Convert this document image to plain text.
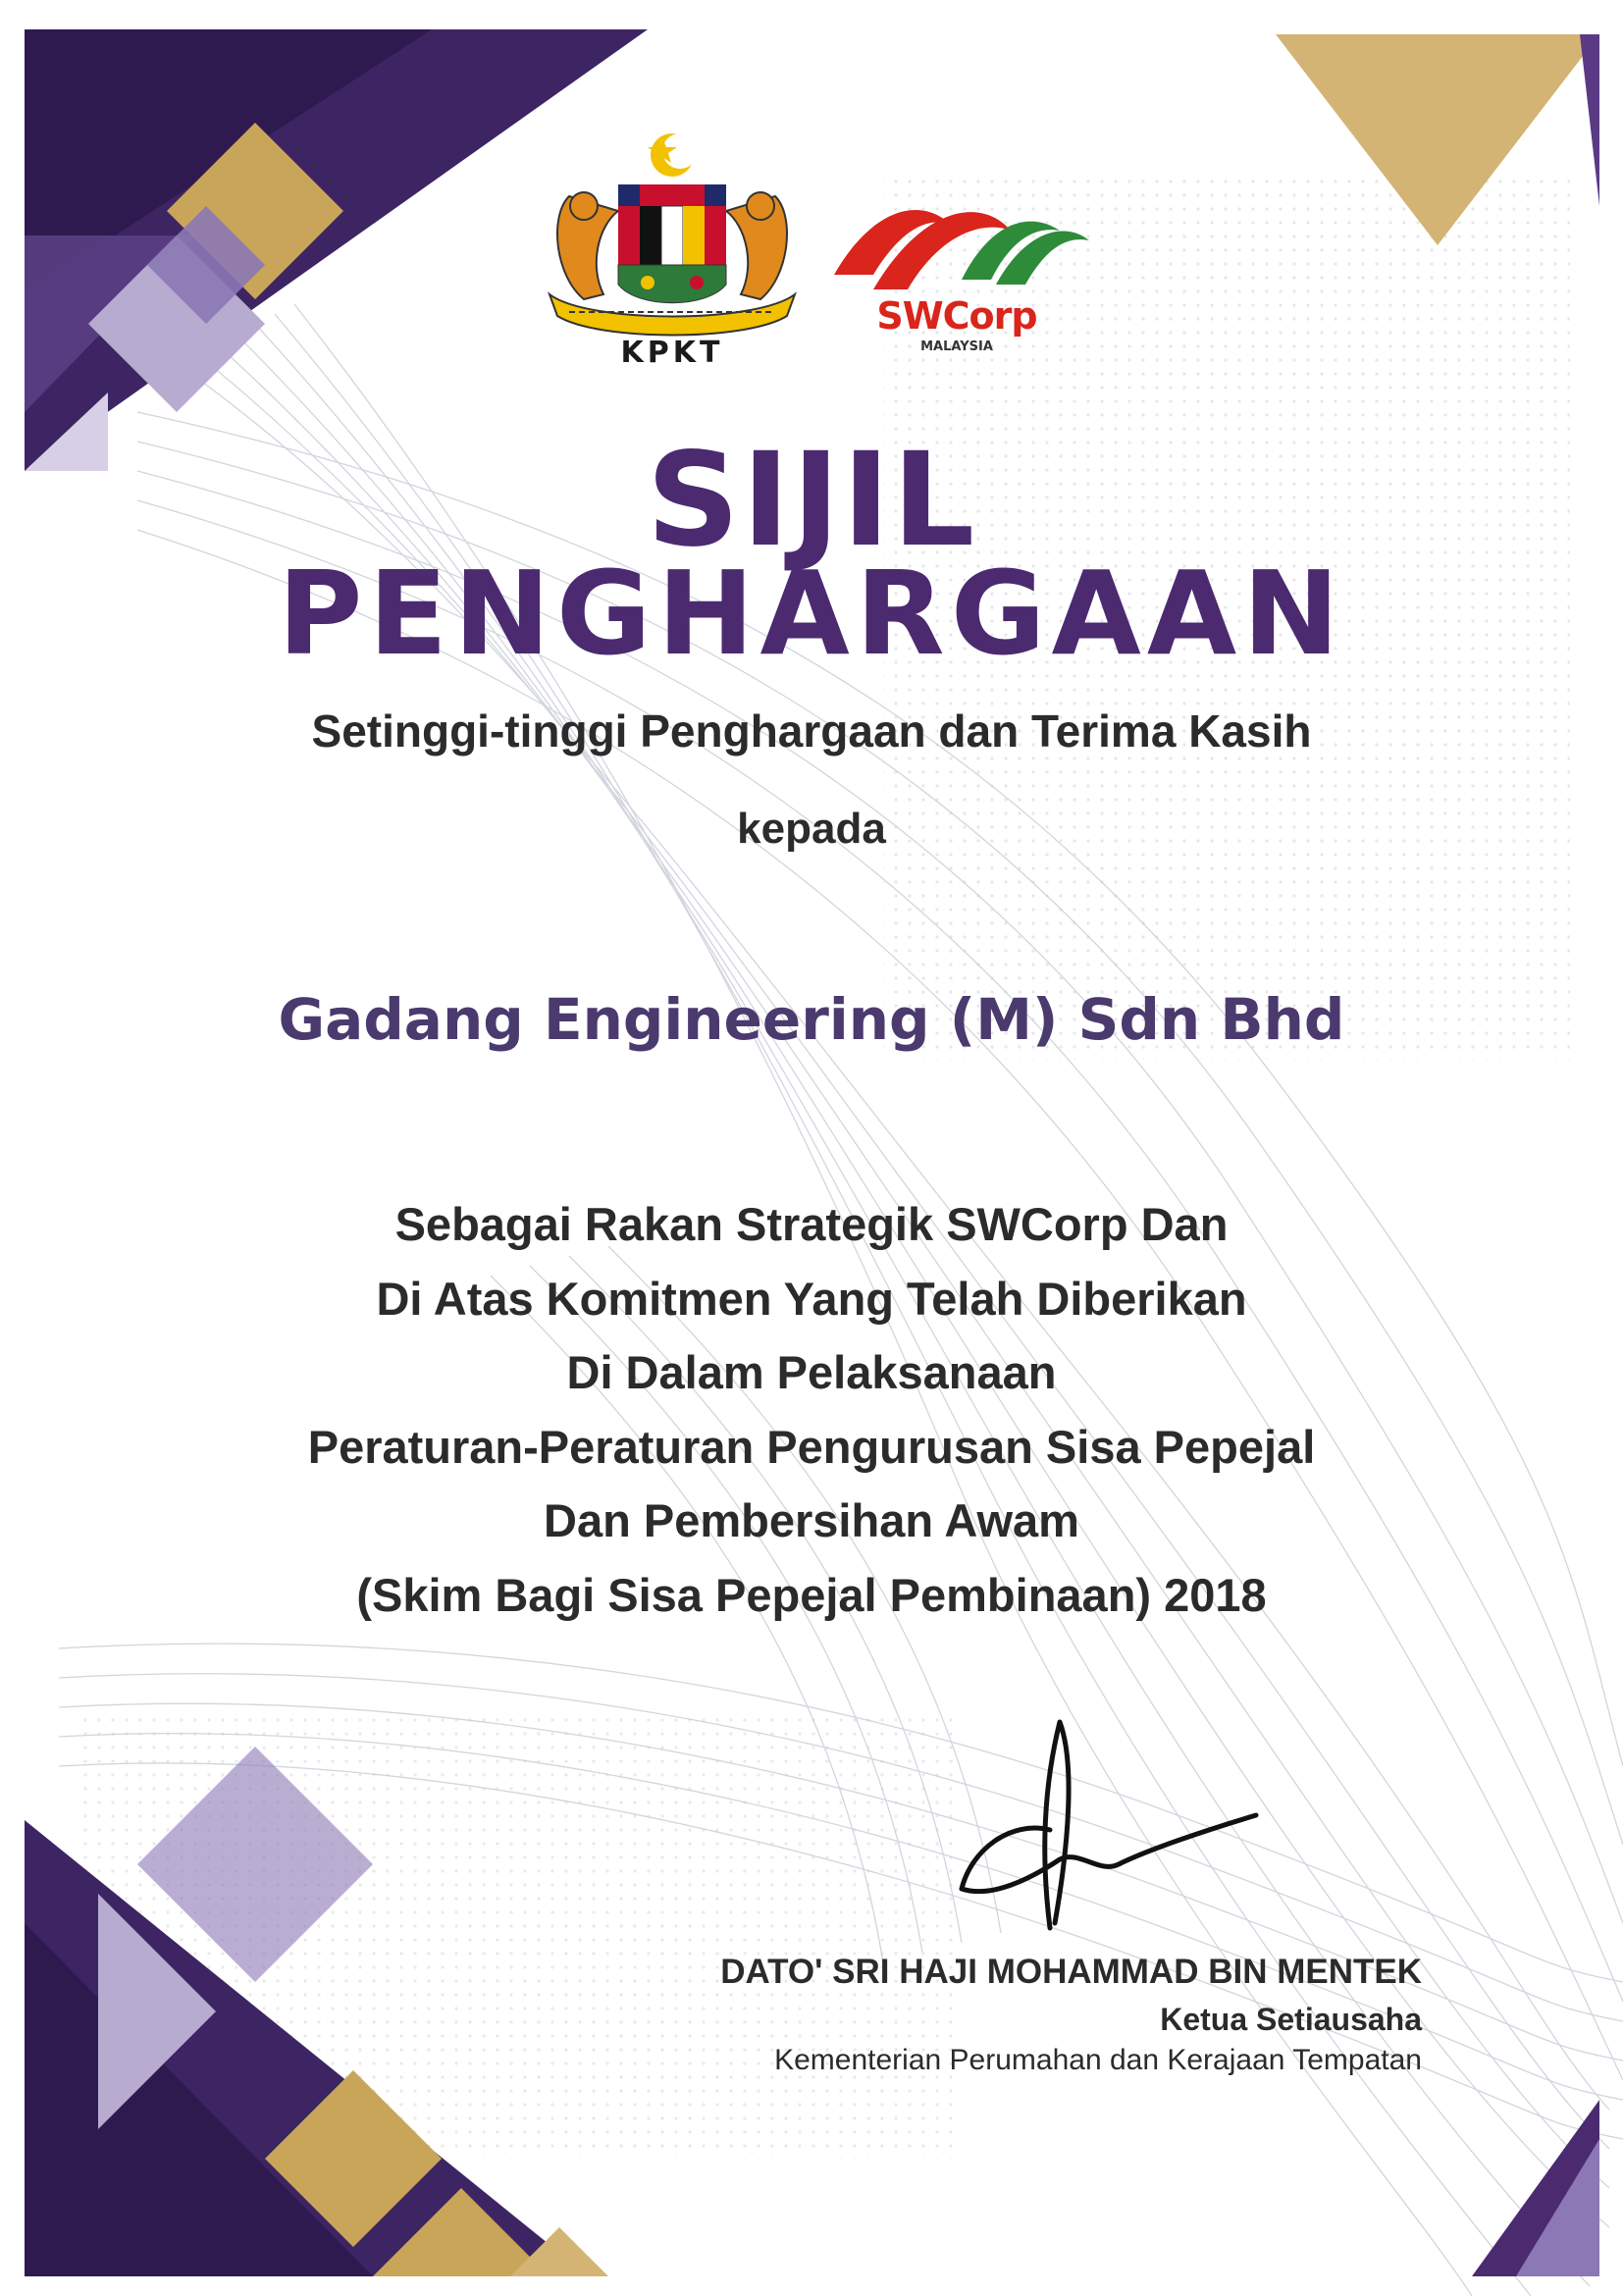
KPKT
SWCorp
MALAYSIA
SIJIL
PENGHARGAAN
Setinggi-tinggi Penghargaan dan Terima Kasih
kepada
Gadang Engineering (M) Sdn Bhd
Sebagai Rakan Strategik SWCorp Dan
Di Atas Komitmen Yang Telah Diberikan
Di Dalam Pelaksanaan
Peraturan-Peraturan Pengurusan Sisa Pepejal
Dan Pembersihan Awam
(Skim Bagi Sisa Pepejal Pembinaan) 2018
DATO' SRI HAJI MOHAMMAD BIN MENTEK
Ketua Setiausaha
Kementerian Perumahan dan Kerajaan Tempatan
